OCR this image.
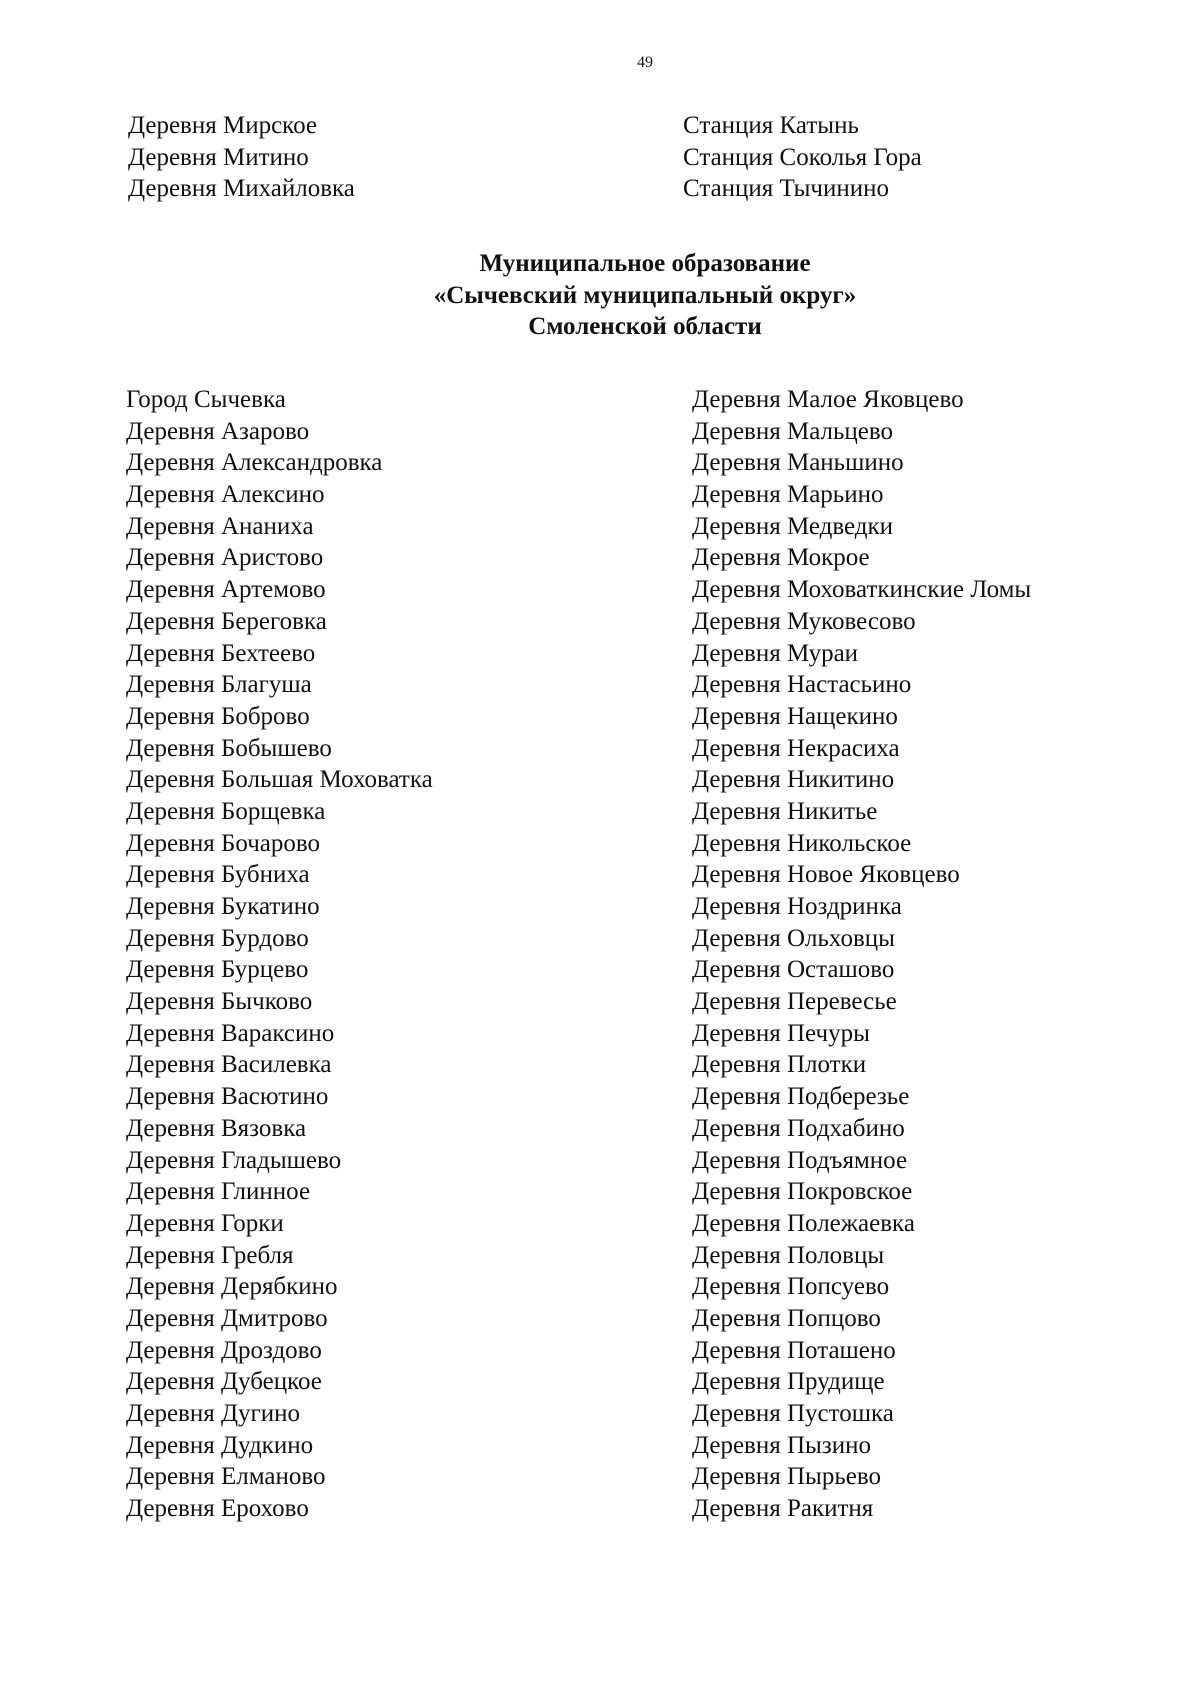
49
Деревня Мирское
Деревня Митино
Деревня Михайловка
Станция Катынь
Станция Соколья Гора
Станция Тычинино
Муниципальное образование
«Сычевский муниципальный округ»
Смоленской области
Город Сычевка
Деревня Азарово
Деревня Александровка
Деревня Алексино
Деревня Ананиха
Деревня Аристово
Деревня Артемово
Деревня Береговка
Деревня Бехтеево
Деревня Благуша
Деревня Боброво
Деревня Бобышево
Деревня Большая Моховатка
Деревня Борщевка
Деревня Бочарово
Деревня Бубниха
Деревня Букатино
Деревня Бурдово
Деревня Бурцево
Деревня Бычково
Деревня Вараксино
Деревня Василевка
Деревня Васютино
Деревня Вязовка
Деревня Гладышево
Деревня Глинное
Деревня Горки
Деревня Гребля
Деревня Дерябкино
Деревня Дмитрово
Деревня Дроздово
Деревня Дубецкое
Деревня Дугино
Деревня Дудкино
Деревня Елманово
Деревня Ерохово
Деревня Малое Яковцево
Деревня Мальцево
Деревня Маньшино
Деревня Марьино
Деревня Медведки
Деревня Мокрое
Деревня Моховаткинские Ломы
Деревня Муковесово
Деревня Мураи
Деревня Настасьино
Деревня Нащекино
Деревня Некрасиха
Деревня Никитино
Деревня Никитье
Деревня Никольское
Деревня Новое Яковцево
Деревня Ноздринка
Деревня Ольховцы
Деревня Осташово
Деревня Перевесье
Деревня Печуры
Деревня Плотки
Деревня Подберезье
Деревня Подхабино
Деревня Подъямное
Деревня Покровское
Деревня Полежаевка
Деревня Половцы
Деревня Попсуево
Деревня Попцово
Деревня Поташено
Деревня Прудище
Деревня Пустошка
Деревня Пызино
Деревня Пырьево
Деревня Ракитня
